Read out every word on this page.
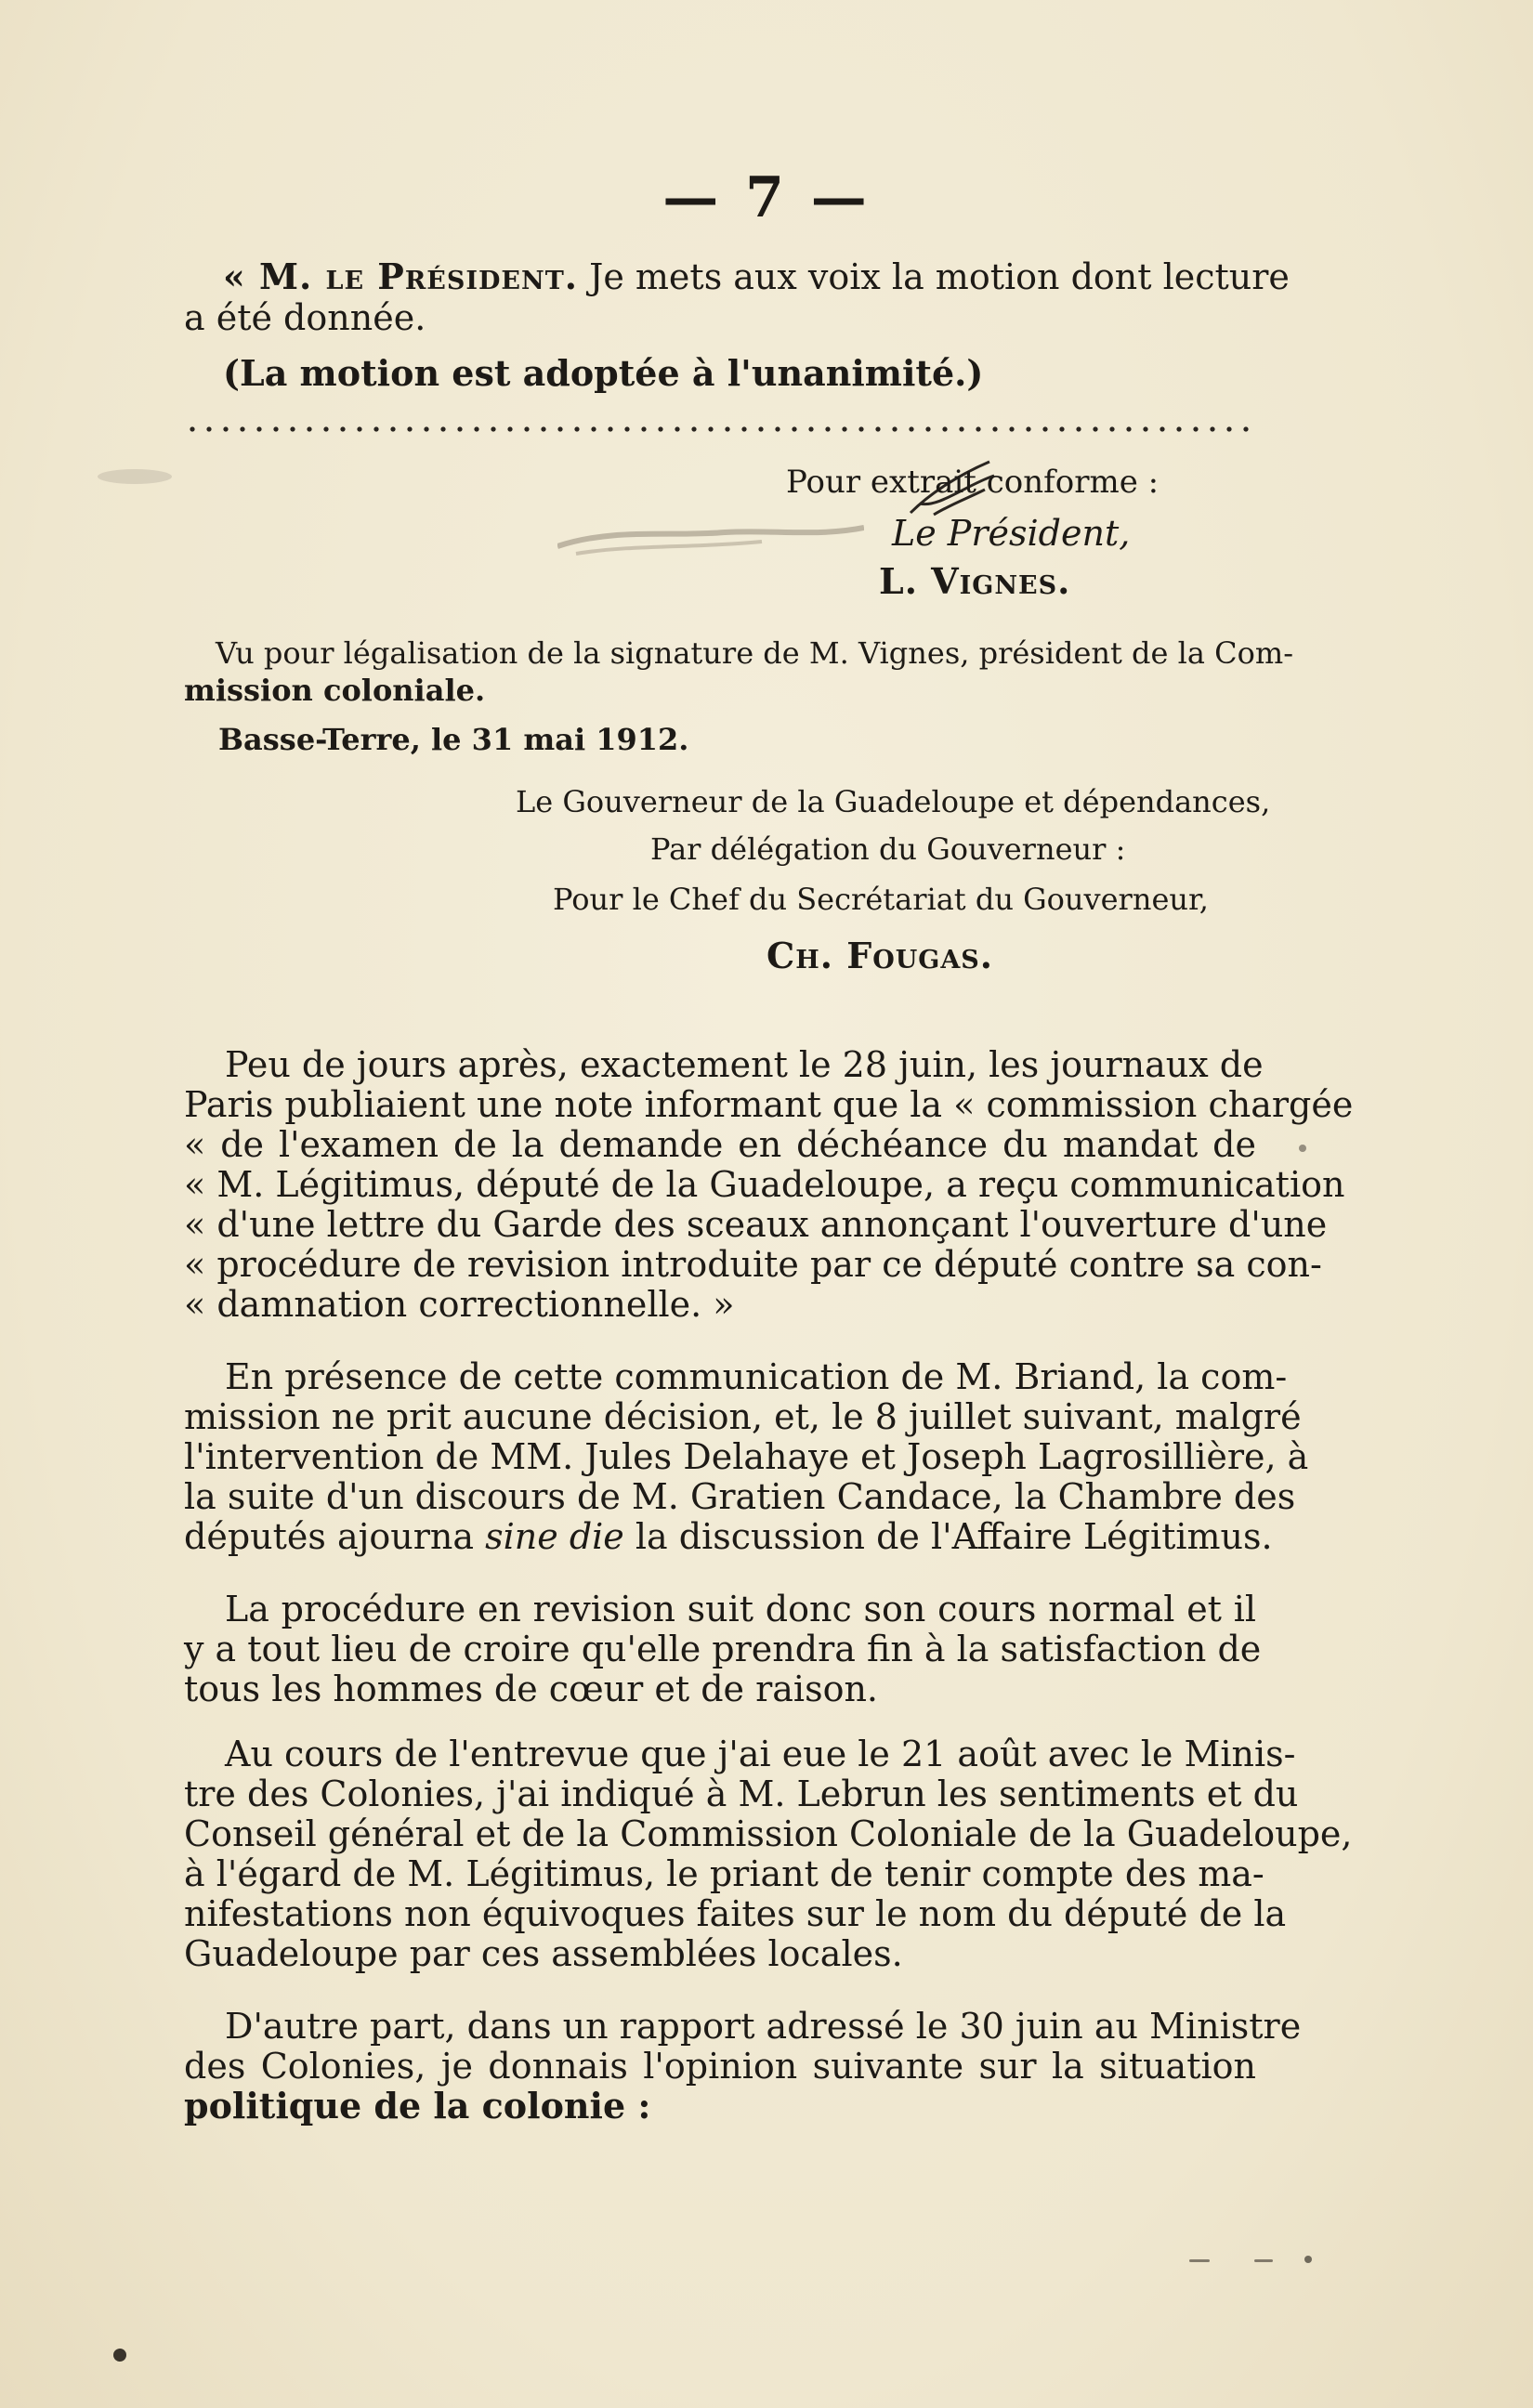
— 7 —
« M. le Président. Je mets aux voix la motion dont lecture
a été donnée.
(La motion est adoptée à l'unanimité.)
Pour extrait conforme :
Le Président,
L. Vignes.
Vu pour légalisation de la signature de M. Vignes, président de la Com-
mission coloniale.
Basse-Terre, le 31 mai 1912.
Le Gouverneur de la Guadeloupe et dépendances,
Par délégation du Gouverneur :
Pour le Chef du Secrétariat du Gouverneur,
Ch. Fougas.
Peu de jours après, exactement le 28 juin, les journaux de
Paris publiaient une note informant que la « commission chargée
« de l'examen de la demande en déchéance du mandat de
« M. Légitimus, député de la Guadeloupe, a reçu communication
« d'une lettre du Garde des sceaux annonçant l'ouverture d'une
« procédure de revision introduite par ce député contre sa con-
« damnation correctionnelle. »
En présence de cette communication de M. Briand, la com-
mission ne prit aucune décision, et, le 8 juillet suivant, malgré
l'intervention de MM. Jules Delahaye et Joseph Lagrosillière, à
la suite d'un discours de M. Gratien Candace, la Chambre des
députés ajourna sine die la discussion de l'Affaire Légitimus.
La procédure en revision suit donc son cours normal et il
y a tout lieu de croire qu'elle prendra fin à la satisfaction de
tous les hommes de cœur et de raison.
Au cours de l'entrevue que j'ai eue le 21 août avec le Minis-
tre des Colonies, j'ai indiqué à M. Lebrun les sentiments et du
Conseil général et de la Commission Coloniale de la Guadeloupe,
à l'égard de M. Légitimus, le priant de tenir compte des ma-
nifestations non équivoques faites sur le nom du député de la
Guadeloupe par ces assemblées locales.
D'autre part, dans un rapport adressé le 30 juin au Ministre
des Colonies, je donnais l'opinion suivante sur la situation
politique de la colonie :
